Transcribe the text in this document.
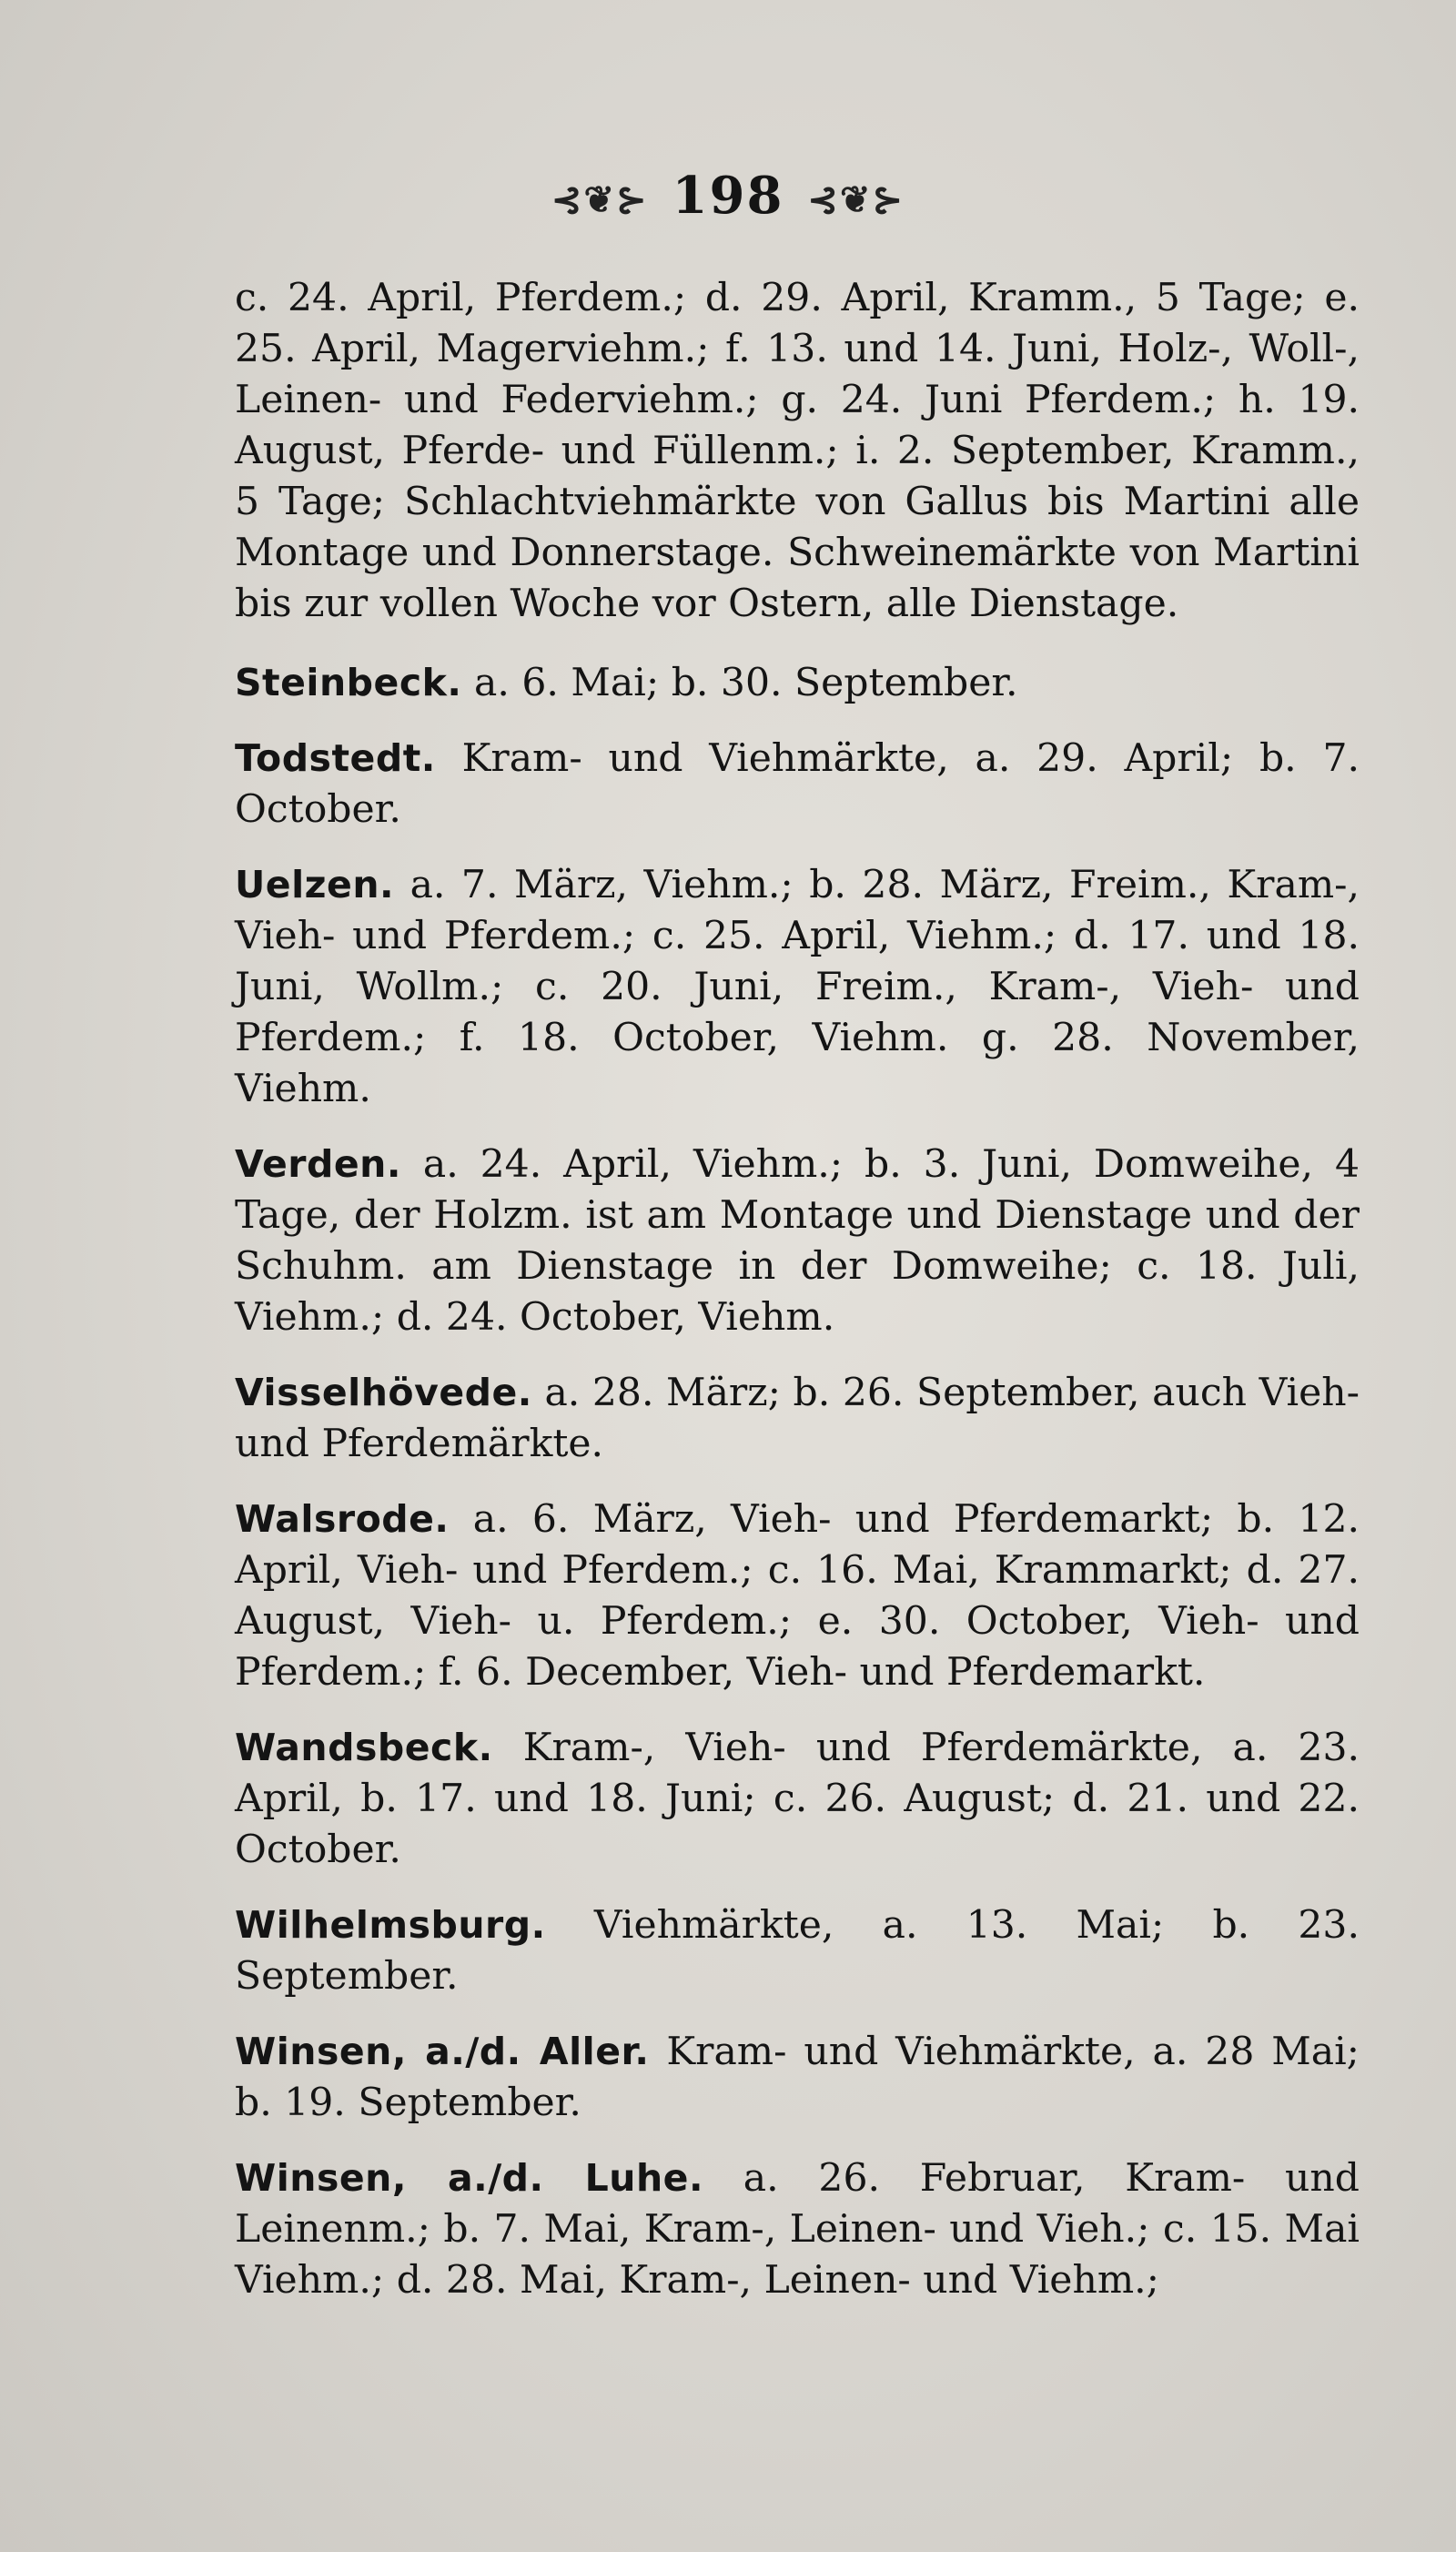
⊰❦⊱ 198 ⊰❦⊱

c. 24. April, Pferdem.; d. 29. April, Kramm., 5 Tage; e. 25. April, Magerviehm.; f. 13. und 14. Juni, Holz-, Woll-, Leinen- und Federviehm.; g. 24. Juni Pferdem.; h. 19. August, Pferde- und Füllenm.; i. 2. September, Kramm., 5 Tage; Schlachtviehmärkte von Gallus bis Martini alle Montage und Donnerstage. Schweinemärkte von Martini bis zur vollen Woche vor Ostern, alle Dienstage.

Steinbeck. a. 6. Mai; b. 30. September.

Todstedt. Kram- und Viehmärkte, a. 29. April; b. 7. October.

Uelzen. a. 7. März, Viehm.; b. 28. März, Freim., Kram-, Vieh- und Pferdem.; c. 25. April, Viehm.; d. 17. und 18. Juni, Wollm.; c. 20. Juni, Freim., Kram-, Vieh- und Pferdem.; f. 18. October, Viehm. g. 28. November, Viehm.

Verden. a. 24. April, Viehm.; b. 3. Juni, Domweihe, 4 Tage, der Holzm. ist am Montage und Dienstage und der Schuhm. am Dienstage in der Domweihe; c. 18. Juli, Viehm.; d. 24. October, Viehm.

Visselhövede. a. 28. März; b. 26. September, auch Vieh- und Pferdemärkte.

Walsrode. a. 6. März, Vieh- und Pferdemarkt; b. 12. April, Vieh- und Pferdem.; c. 16. Mai, Krammarkt; d. 27. August, Vieh- u. Pferdem.; e. 30. October, Vieh- und Pferdem.; f. 6. December, Vieh- und Pferdemarkt.

Wandsbeck. Kram-, Vieh- und Pferdemärkte, a. 23. April, b. 17. und 18. Juni; c. 26. August; d. 21. und 22. October.

Wilhelmsburg. Viehmärkte, a. 13. Mai; b. 23. September.

Winsen, a./d. Aller. Kram- und Viehmärkte, a. 28 Mai; b. 19. September.

Winsen, a./d. Luhe. a. 26. Februar, Kram- und Leinenm.; b. 7. Mai, Kram-, Leinen- und Vieh.; c. 15. Mai Viehm.; d. 28. Mai, Kram-, Leinen- und Viehm.;
